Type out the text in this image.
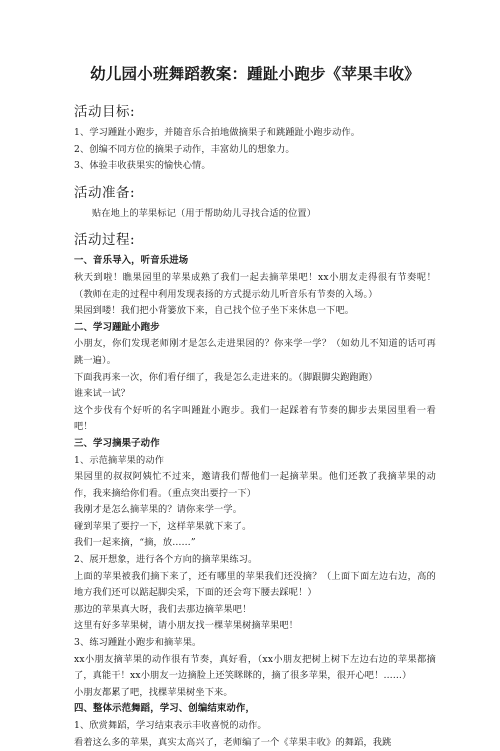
幼儿园小班舞蹈教案：踵趾小跑步《苹果丰收》
活动目标:

1、学习踵趾小跑步，并随音乐合拍地做摘果子和跳踵趾小跑步动作。

2、创编不同方位的摘果子动作，丰富幼儿的想象力。

3、体验丰收获果实的愉快心情。

活动准备:

贴在地上的苹果标记（用于帮助幼儿寻找合适的位置）

活动过程:

一、音乐导入，听音乐进场

秋天到啦！瞧果园里的苹果成熟了我们一起去摘苹果吧！xx小朋友走得很有节奏呢！（教师在走的过程中利用发现表扬的方式提示幼儿听音乐有节奏的入场。）

果园到喽！我们把小背篓放下来，自己找个位子坐下来休息一下吧。

二、学习踵趾小跑步

小朋友，你们发现老师刚才是怎么走进果园的？你来学一学？（如幼儿不知道的话可再跳一遍）。

下面我再来一次，你们看仔细了，我是怎么走进来的。（脚跟脚尖跑跑跑）

谁来试一试？

这个步伐有个好听的名字叫踵趾小跑步。我们一起踩着有节奏的脚步去果园里看一看吧！

三、学习摘果子动作

1、示范摘苹果的动作

果园里的叔叔阿姨忙不过来，邀请我们帮他们一起摘苹果。他们还教了我摘苹果的动作，我来摘给你们看。（重点突出要拧一下）

我刚才是怎么摘苹果的？请你来学一学。

碰到苹果了要拧一下，这样苹果就下来了。

我们一起来摘，“摘，放……”

2、展开想象，进行各个方向的摘苹果练习。

上面的苹果被我们摘下来了，还有哪里的苹果我们还没摘？（上面下面左边右边，高的地方我们还可以踮起脚尖采，下面的还会弯下腰去踩呢！）

那边的苹果真大呀，我们去那边摘苹果吧！

这里有好多苹果树，请小朋友找一棵苹果树摘苹果吧！

3、练习踵趾小跑步和摘苹果。

xx小朋友摘苹果的动作很有节奏，真好看，（xx小朋友把树上树下左边右边的苹果都摘了，真能干！xx小朋友一边摘脸上还笑眯眯的，摘了很多苹果，很开心吧！……）

小朋友都累了吧，找棵苹果树坐下来。

四、整体示范舞蹈，学习、创编结束动作，

1、欣赏舞蹈，学习结束表示丰收喜悦的动作。

看着这么多的苹果，真实太高兴了，老师编了一个《苹果丰收》的舞蹈，我跳
